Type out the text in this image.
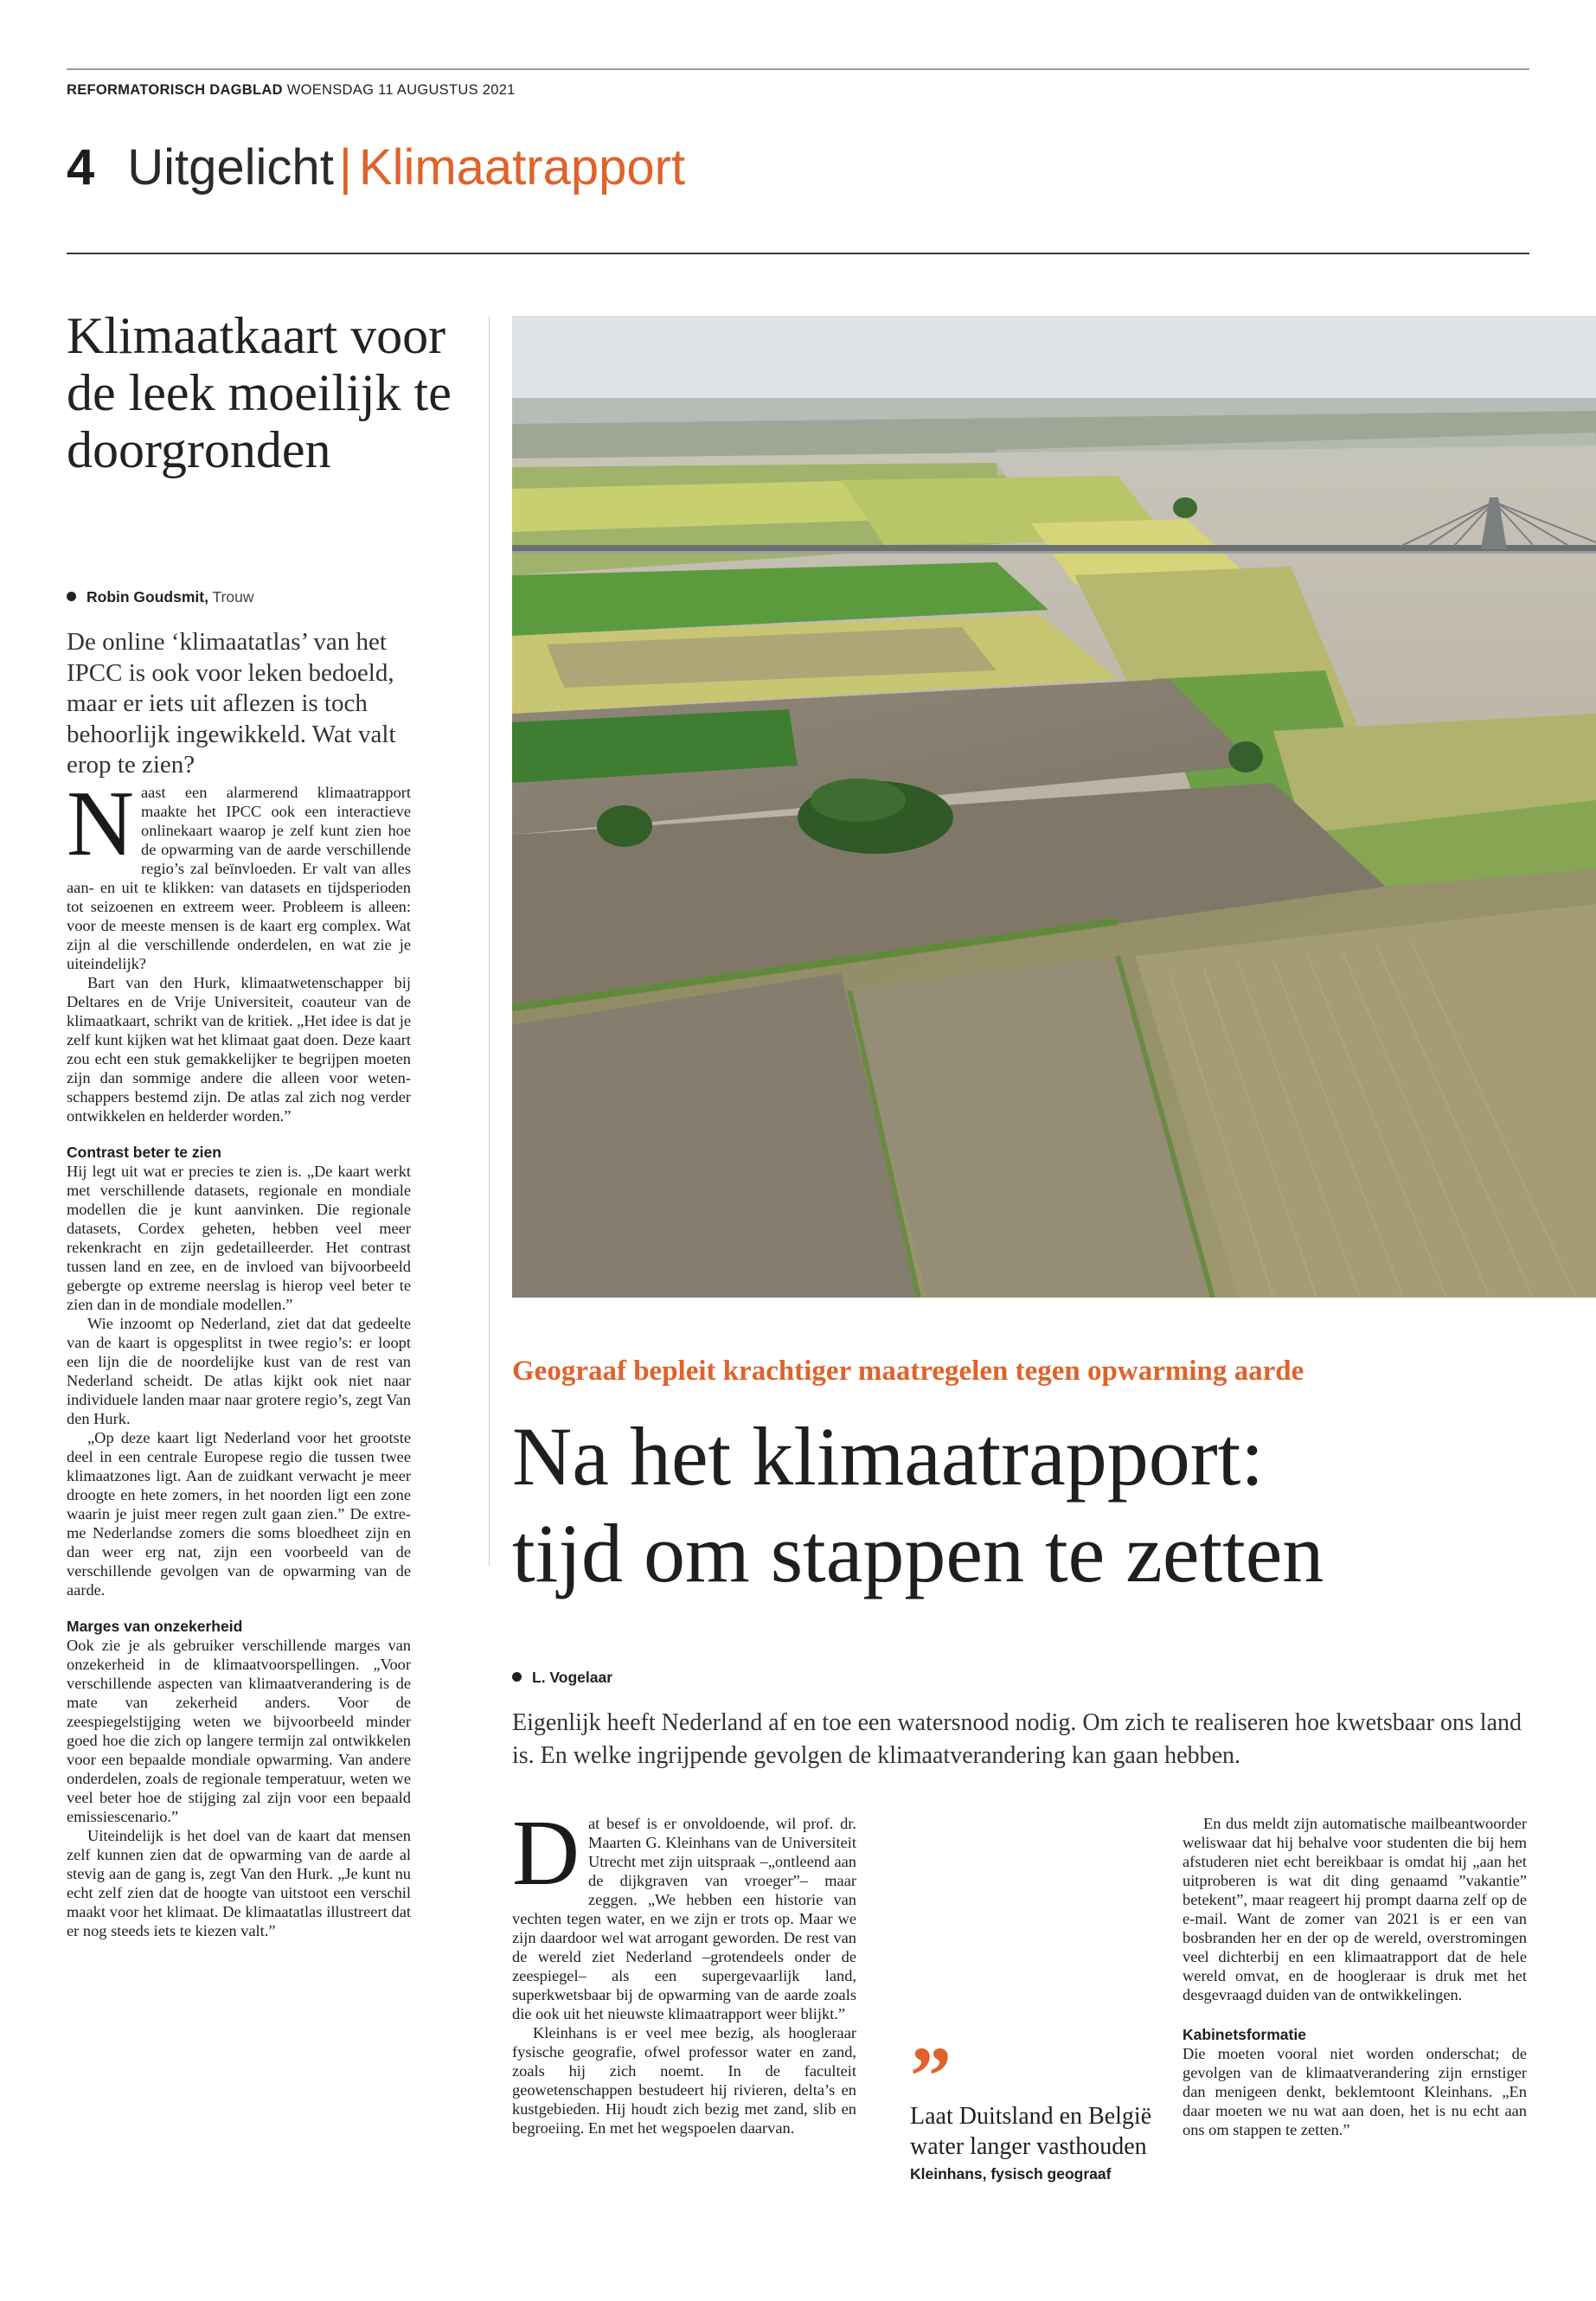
REFORMATORISCH DAGBLAD WOENSDAG 11 AUGUSTUS 2021
4 Uitgelicht | Klimaatrapport
Klimaatkaart voor de leek moeilijk te doorgronden
Robin Goudsmit, Trouw
De online ‘klimaatatlas’ van het IPCC is ook voor leken bedoeld, maar er iets uit aflezen is toch behoorlijk ingewikkeld. Wat valt erop te zien?

Naast een alarmerend klimaatrapport maakte het IPCC ook een interactieve onlinekaart waarop je zelf kunt zien hoe de opwarming van de aarde verschillende regio’s zal beïnvloeden. Er valt van alles aan- en uit te klikken: van datasets en tijdsperioden tot seizoenen en extreem weer. Probleem is alleen: voor de meeste mensen is de kaart erg complex. Wat zijn al die verschillende onderdelen, en wat zie je uiteindelijk?

Bart van den Hurk, klimaatwetenschapper bij Deltares en de Vrije Universiteit, coauteur van de klimaatkaart, schrikt van de kritiek. „Het idee is dat je zelf kunt kijken wat het klimaat gaat doen. Deze kaart zou echt een stuk gemakkelijker te begrijpen moeten zijn dan sommige andere die alleen voor wetenschappers bestemd zijn. De atlas zal zich nog verder ontwikkelen en helderder worden.”

Contrast beter te zien

Hij legt uit wat er precies te zien is. „De kaart werkt met verschillende datasets, regionale en mondiale modellen die je kunt aanvinken. Die regionale datasets, Cordex geheten, hebben veel meer rekenkracht en zijn gedetailleerder. Het contrast tussen land en zee, en de invloed van bijvoorbeeld gebergte op extreme neerslag is hierop veel beter te zien dan in de mondiale modellen.”

Wie inzoomt op Nederland, ziet dat dat gedeelte van de kaart is opgesplitst in twee regio’s: er loopt een lijn die de noordelijke kust van de rest van Nederland scheidt. De atlas kijkt ook niet naar individuele landen maar naar grotere regio’s, zegt Van den Hurk.

„Op deze kaart ligt Nederland voor het grootste deel in een centrale Europese regio die tussen twee klimaatzones ligt. Aan de zuidkant verwacht je meer droogte en hete zomers, in het noorden ligt een zone waarin je juist meer regen zult gaan zien.” De extreme Nederlandse zomers die soms bloedheet zijn en dan weer erg nat, zijn een voorbeeld van de verschillende gevolgen van de opwarming van de aarde.

Marges van onzekerheid

Ook zie je als gebruiker verschillende marges van onzekerheid in de klimaatvoorspellingen. „Voor verschillende aspecten van klimaatverandering is de mate van zekerheid anders. Voor de zeespiegelstijging weten we bijvoorbeeld minder goed hoe die zich op langere termijn zal ontwikkelen voor een bepaalde mondiale opwarming. Van andere onderdelen, zoals de regionale temperatuur, weten we veel beter hoe de stijging zal zijn voor een bepaald emissiescenario.”

Uiteindelijk is het doel van de kaart dat mensen zelf kunnen zien dat de opwarming van de aarde al stevig aan de gang is, zegt Van den Hurk. „Je kunt nu echt zelf zien dat de hoogte van uitstoot een verschil maakt voor het klimaat. De klimaatatlas illustreert dat er nog steeds iets te kiezen valt.”

Geograaf bepleit krachtiger maatregelen tegen opwarming aarde
Na het klimaatrapport:
tijd om stappen te zetten
L. Vogelaar
Eigenlijk heeft Nederland af en toe een watersnood nodig. Om zich te realiseren hoe kwetsbaar ons land is. En welke ingrijpende gevolgen de klimaatverandering kan gaan hebben.

Dat besef is er onvoldoende, wil prof. dr. Maarten G. Kleinhans van de Universiteit Utrecht met zijn uitspraak –„ontleend aan de dijkgraven van vroeger”– maar zeggen. „We hebben een historie van vechten tegen water, en we zijn er trots op. Maar we zijn daardoor wel wat arrogant geworden. De rest van de wereld ziet Nederland –grotendeels onder de zeespiegel– als een supergevaarlijk land, superkwetsbaar bij de opwarming van de aarde zoals die ook uit het nieuwste klimaatrapport weer blijkt.”

Kleinhans is er veel mee bezig, als hoogleraar fysische geografie, ofwel professor water en zand, zoals hij zich noemt. In de faculteit geowetenschappen bestudeert hij rivieren, delta’s en kustgebieden. Hij houdt zich bezig met zand, slib en begroeiing. En met het wegspoelen daarvan.

”
Laat Duitsland en België water langer vasthouden
Kleinhans, fysisch geograaf

En dus meldt zijn automatische mailbeantwoorder weliswaar dat hij behalve voor studenten die bij hem afstuderen niet echt bereikbaar is omdat hij „aan het uitproberen is wat dit ding genaamd ”vakantie” betekent”, maar reageert hij prompt daarna zelf op de e-mail. Want de zomer van 2021 is er een van bosbranden her en der op de wereld, overstromingen veel dichterbij en een klimaatrapport dat de hele wereld omvat, en de hoogleraar is druk met het desgevraagd duiden van de ontwikkelingen.

Kabinetsformatie

Die moeten vooral niet worden onderschat; de gevolgen van de klimaatverandering zijn ernstiger dan menigeen denkt, beklemtoont Kleinhans. „En daar moeten we nu wat aan doen, het is nu echt aan ons om stappen te zetten.”
